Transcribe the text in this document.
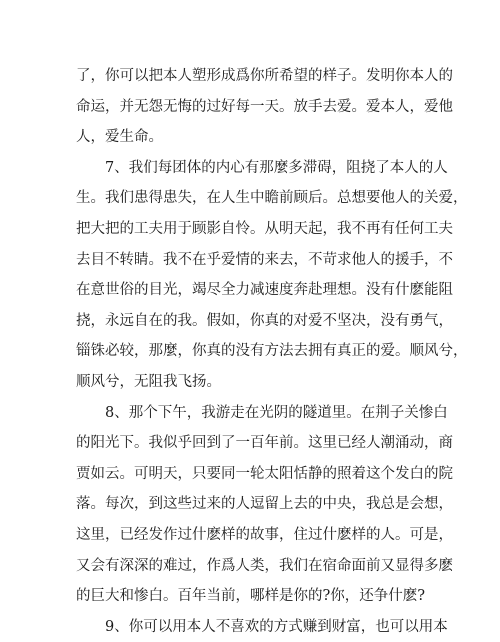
了，你可以把本人塑形成爲你所希望的样子。发明你本人的
命运，并无怨无悔的过好每一天。放手去爱。爱本人，爱他
人，爱生命。
7、我们每团体的内心有那麼多滞碍，阻挠了本人的人
生。我们患得患失，在人生中瞻前顾后。总想要他人的关爱，
把大把的工夫用于顾影自怜。从明天起，我不再有任何工夫
去目不转睛。我不在乎爱情的来去，不苛求他人的援手，不
在意世俗的目光，竭尽全力减速度奔赴理想。没有什麽能阻
挠，永远自在的我。假如，你真的对爱不坚决，没有勇气，
锱铢必较，那麼，你真的没有方法去拥有真正的爱。顺风兮，
顺风兮，无阻我飞扬。
8、那个下午，我游走在光阴的隧道里。在荆子关惨白
的阳光下。我似乎回到了一百年前。这里已经人潮涌动，商
贾如云。可明天，只要同一轮太阳恬静的照着这个发白的院
落。每次，到这些过来的人逗留上去的中央，我总是会想，
这里，已经发作过什麽样的故事，住过什麽样的人。可是，
又会有深深的难过，作爲人类，我们在宿命面前又显得多麽
的巨大和惨白。百年当前，哪样是你的?你，还争什麽?
9、你可以用本人不喜欢的方式赚到财富，也可以用本
